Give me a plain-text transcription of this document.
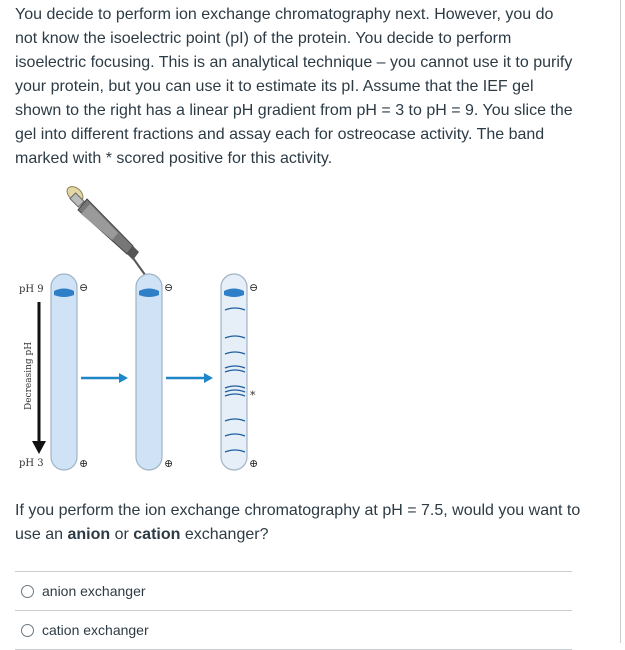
You decide to perform ion exchange chromatography next. However, you do not know the isoelectric point (pI) of the protein. You decide to perform isoelectric focusing. This is an analytical technique – you cannot use it to purify your protein, but you can use it to estimate its pI. Assume that the IEF gel shown to the right has a linear pH gradient from pH = 3 to pH = 9. You slice the gel into different fractions and assay each for ostreocase activity. The band marked with * scored positive for this activity.

pH 9
pH 3
Decreasing pH
⊖
⊕
⊖
⊕
*
⊖
⊕

If you perform the ion exchange chromatography at pH = 7.5, would you want to use an anion or cation exchanger?

anion exchanger
cation exchanger
